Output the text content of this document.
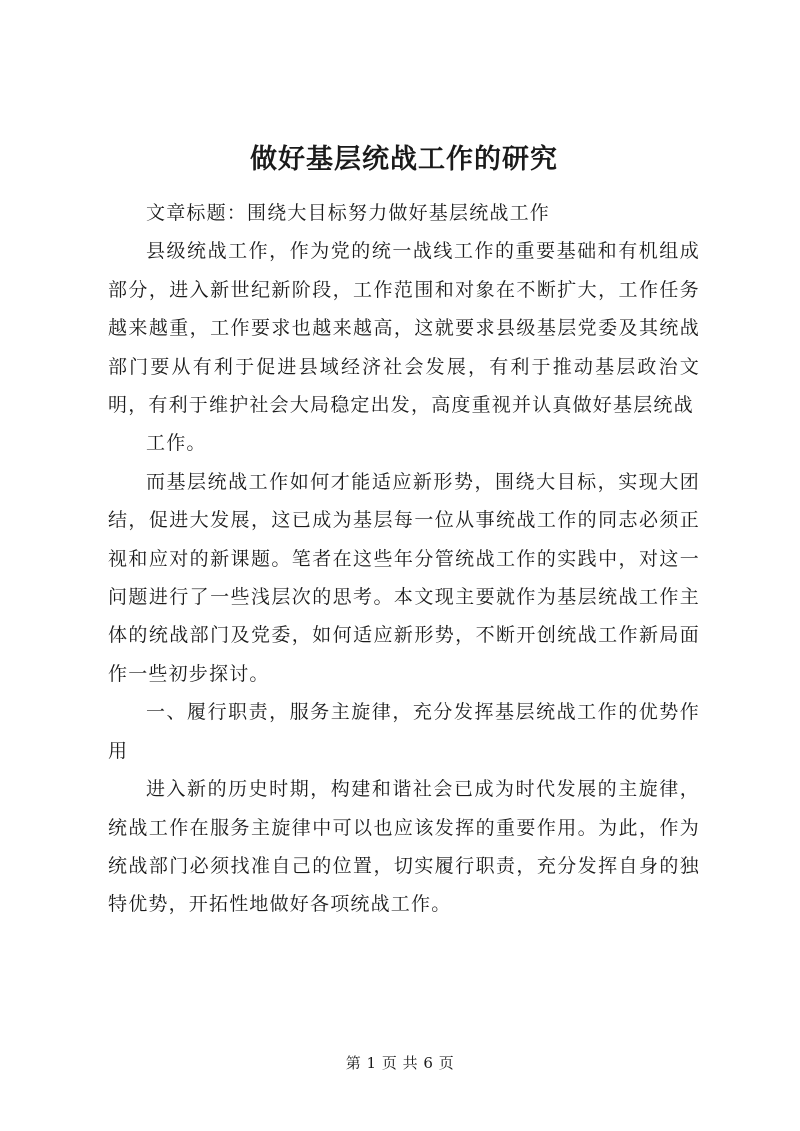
做好基层统战工作的研究

文章标题：围绕大目标努力做好基层统战工作

县级统战工作，作为党的统一战线工作的重要基础和有机组成部分，进入新世纪新阶段，工作范围和对象在不断扩大，工作任务越来越重，工作要求也越来越高，这就要求县级基层党委及其统战部门要从有利于促进县域经济社会发展，有利于推动基层政治文明，有利于维护社会大局稳定出发，高度重视并认真做好基层统战

工作。

而基层统战工作如何才能适应新形势，围绕大目标，实现大团结，促进大发展，这已成为基层每一位从事统战工作的同志必须正视和应对的新课题。笔者在这些年分管统战工作的实践中，对这一问题进行了一些浅层次的思考。本文现主要就作为基层统战工作主体的统战部门及党委，如何适应新形势，不断开创统战工作新局面作一些初步探讨。

一、履行职责，服务主旋律，充分发挥基层统战工作的优势作用

进入新的历史时期，构建和谐社会已成为时代发展的主旋律，统战工作在服务主旋律中可以也应该发挥的重要作用。为此，作为统战部门必须找准自己的位置，切实履行职责，充分发挥自身的独特优势，开拓性地做好各项统战工作。

第 1 页 共 6 页
